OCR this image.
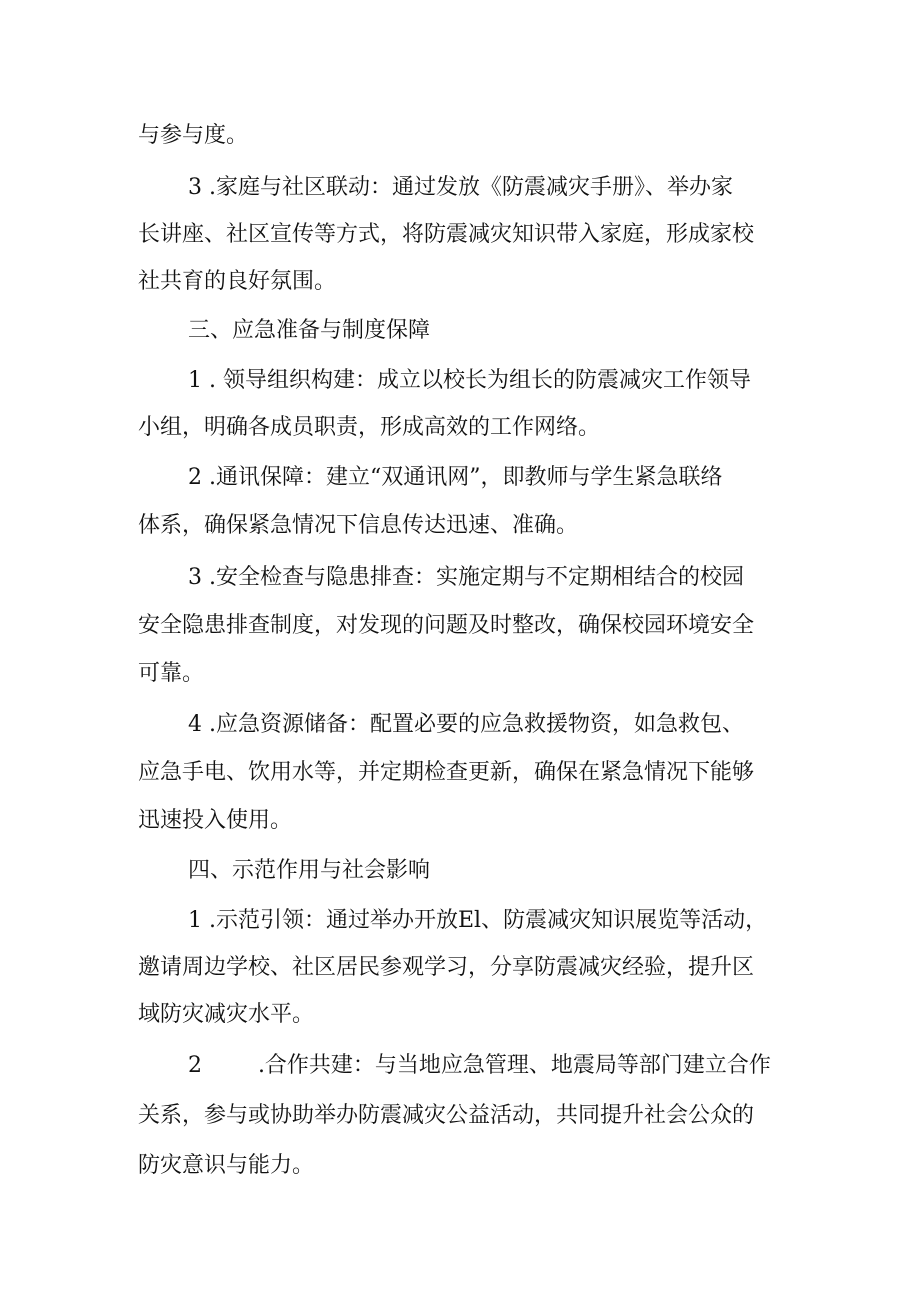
与参与度。
3 .家庭与社区联动：通过发放《防震减灾手册》、举办家
长讲座、社区宣传等方式，将防震减灾知识带入家庭，形成家校
社共育的良好氛围。
三、应急准备与制度保障
1 . 领导组织构建：成立以校长为组长的防震减灾工作领导
小组，明确各成员职责，形成高效的工作网络。
2 .通讯保障：建立“双通讯网”，即教师与学生紧急联络
体系，确保紧急情况下信息传达迅速、准确。
3 .安全检查与隐患排查：实施定期与不定期相结合的校园
安全隐患排查制度，对发现的问题及时整改，确保校园环境安全
可靠。
4 .应急资源储备：配置必要的应急救援物资，如急救包、
应急手电、饮用水等，并定期检查更新，确保在紧急情况下能够
迅速投入使用。
四、示范作用与社会影响
1 .示范引领：通过举办开放El、防震减灾知识展览等活动，
邀请周边学校、社区居民参观学习，分享防震减灾经验，提升区
域防灾减灾水平。
2        .合作共建：与当地应急管理、地震局等部门建立合作
关系，参与或协助举办防震减灾公益活动，共同提升社会公众的
防灾意识与能力。
